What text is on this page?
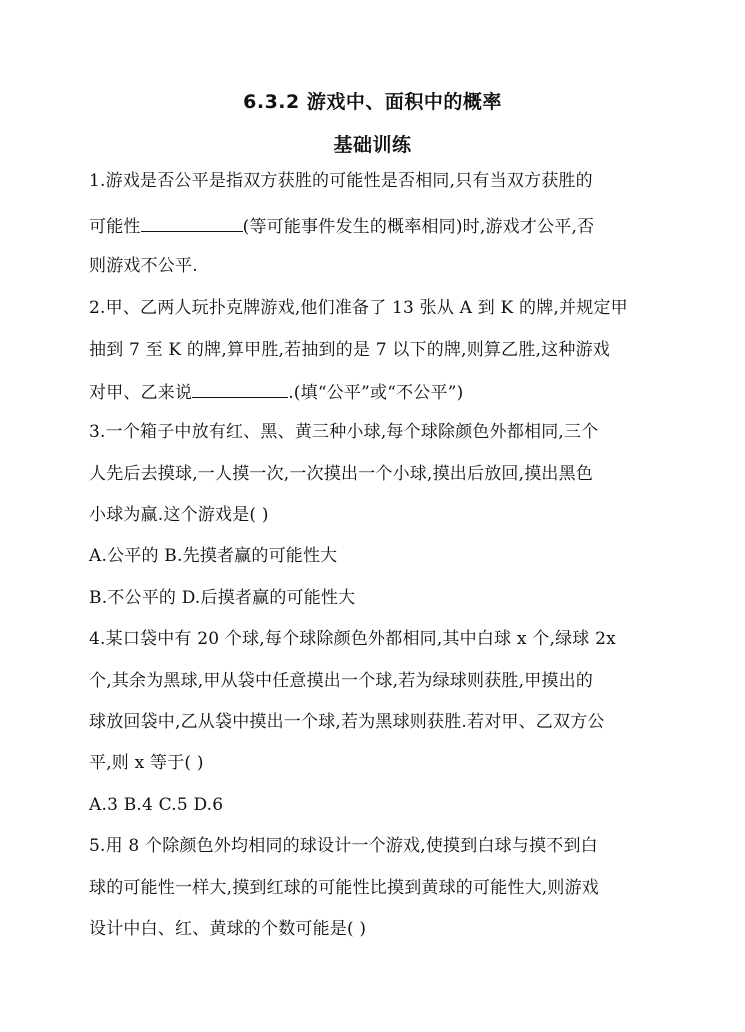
6.3.2 游戏中、面积中的概率
基础训练
1.游戏是否公平是指双方获胜的可能性是否相同,只有当双方获胜的
可能性	(等可能事件发生的概率相同)时,游戏才公平,否
则游戏不公平.
2.甲、乙两人玩扑克牌游戏,他们准备了 13 张从 A 到 K 的牌,并规定甲
抽到 7 至 K 的牌,算甲胜,若抽到的是 7 以下的牌,则算乙胜,这种游戏
对甲、乙来说	.(填“公平”或“不公平”)
3.一个箱子中放有红、黑、黄三种小球,每个球除颜色外都相同,三个
人先后去摸球,一人摸一次,一次摸出一个小球,摸出后放回,摸出黑色
小球为赢.这个游戏是( )
A.公平的 B.先摸者赢的可能性大
B.不公平的 D.后摸者赢的可能性大
4.某口袋中有 20 个球,每个球除颜色外都相同,其中白球 x 个,绿球 2x
个,其余为黑球,甲从袋中任意摸出一个球,若为绿球则获胜,甲摸出的
球放回袋中,乙从袋中摸出一个球,若为黑球则获胜.若对甲、乙双方公
平,则 x 等于( )
A.3 B.4 C.5 D.6
5.用 8 个除颜色外均相同的球设计一个游戏,使摸到白球与摸不到白
球的可能性一样大,摸到红球的可能性比摸到黄球的可能性大,则游戏
设计中白、红、黄球的个数可能是( )
